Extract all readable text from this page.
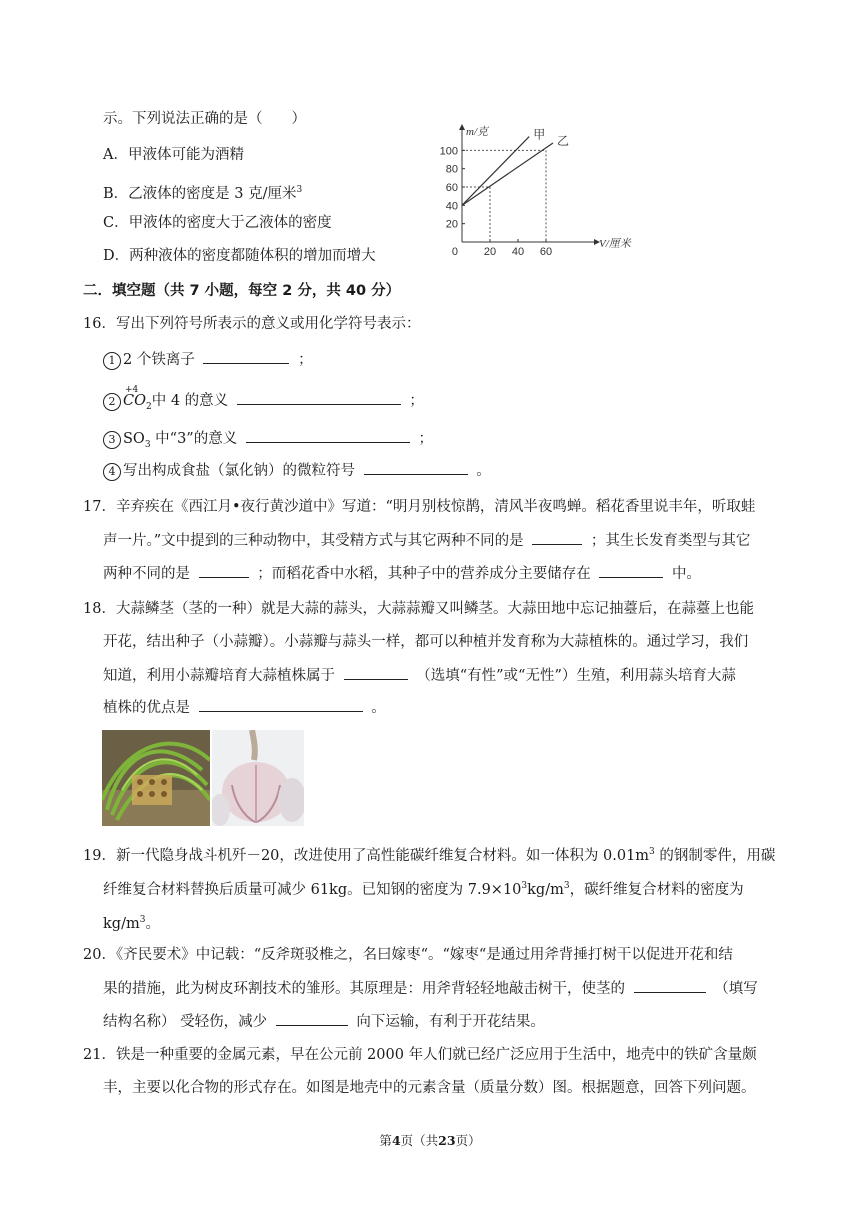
示。下列说法正确的是（　　）
A．甲液体可能为酒精
B．乙液体的密度是 3 克/厘米$^3$
C．甲液体的密度大于乙液体的密度
D．两种液体的密度都随体积的增加而增大	20 40 60
20
40
60
80
100
0
m/克
V/厘米
甲 乙
二．填空题（共 7 小题，每空 2 分，共 40 分）
16．写出下列符号所表示的意义或用化学符号表示：
1 2 个铁离子	；
2
+4
$CO_2$中 4 的意义	；
3 $SO_3$ 中“3”的意义	；
4 写出构成食盐（氯化钠）的微粒符号	。
17．辛弃疾在《西江月•夜行黄沙道中》写道：“明月别枝惊鹊，清风半夜鸣蝉。稻花香里说丰年，听取蛙
声一片。”文中提到的三种动物中，其受精方式与其它两种不同的是	；其生长发育类型与其它
两种不同的是	；而稻花香中水稻，其种子中的营养成分主要储存在	中。
18．大蒜鳞茎（茎的一种）就是大蒜的蒜头，大蒜蒜瓣又叫鳞茎。大蒜田地中忘记抽薹后，在蒜薹上也能
开花，结出种子（小蒜瓣）。小蒜瓣与蒜头一样，都可以种植并发育称为大蒜植株的。通过学习，我们
知道，利用小蒜瓣培育大蒜植株属于	（选填“有性”或“无性”）生殖，利用蒜头培育大蒜
植株的优点是	。
19．新一代隐身战斗机歼－20，改进使用了高性能碳纤维复合材料。如一体积为 $0.01m^3$ 的钢制零件，用碳
纤维复合材料替换后质量可减少 61kg。已知钢的密度为 $7.9\times 10^3kg/m^3$，碳纤维复合材料的密度为
$kg/m^3$。
20．《齐民要术》中记载：“反斧斑驳椎之，名曰嫁枣“。“嫁枣“是通过用斧背捶打树干以促进开花和结
果的措施，此为树皮环割技术的雏形。其原理是：用斧背轻轻地敲击树干，使茎的	（填写
结构名称） 受轻伤，减少	向下运输，有利于开花结果。
21．铁是一种重要的金属元素，早在公元前 2000 年人们就已经广泛应用于生活中，地壳中的铁矿含量颇
丰，主要以化合物的形式存在。如图是地壳中的元素含量（质量分数）图。根据题意，回答下列问题。
第4页（共23页）
